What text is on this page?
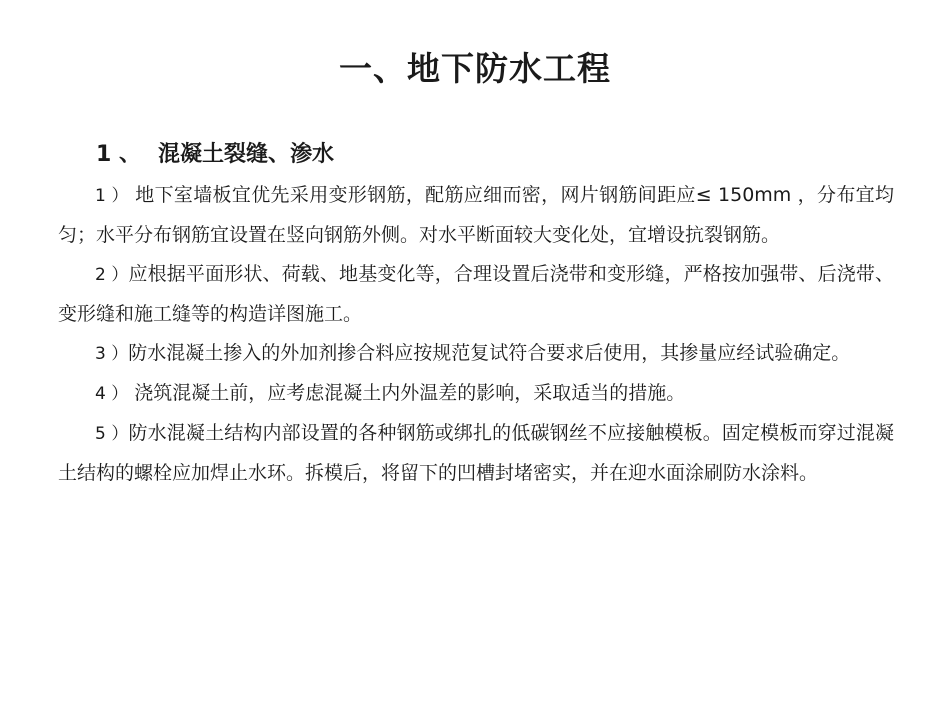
一、地下防水工程
1 、 混凝土裂缝、渗水

1 ） 地下室墙板宜优先采用变形钢筋，配筋应细而密，网片钢筋间距应≤ 150mm ，分布宜均匀；水平分布钢筋宜设置在竖向钢筋外侧。对水平断面较大变化处，宜增设抗裂钢筋。

2 ）应根据平面形状、荷载、地基变化等，合理设置后浇带和变形缝，严格按加强带、后浇带、变形缝和施工缝等的构造详图施工。

3 ）防水混凝土掺入的外加剂掺合料应按规范复试符合要求后使用，其掺量应经试验确定。

4 ） 浇筑混凝土前，应考虑混凝土内外温差的影响，采取适当的措施。

5 ）防水混凝土结构内部设置的各种钢筋或绑扎的低碳钢丝不应接触模板。固定模板而穿过混凝土结构的螺栓应加焊止水环。拆模后，将留下的凹槽封堵密实，并在迎水面涂刷防水涂料。
